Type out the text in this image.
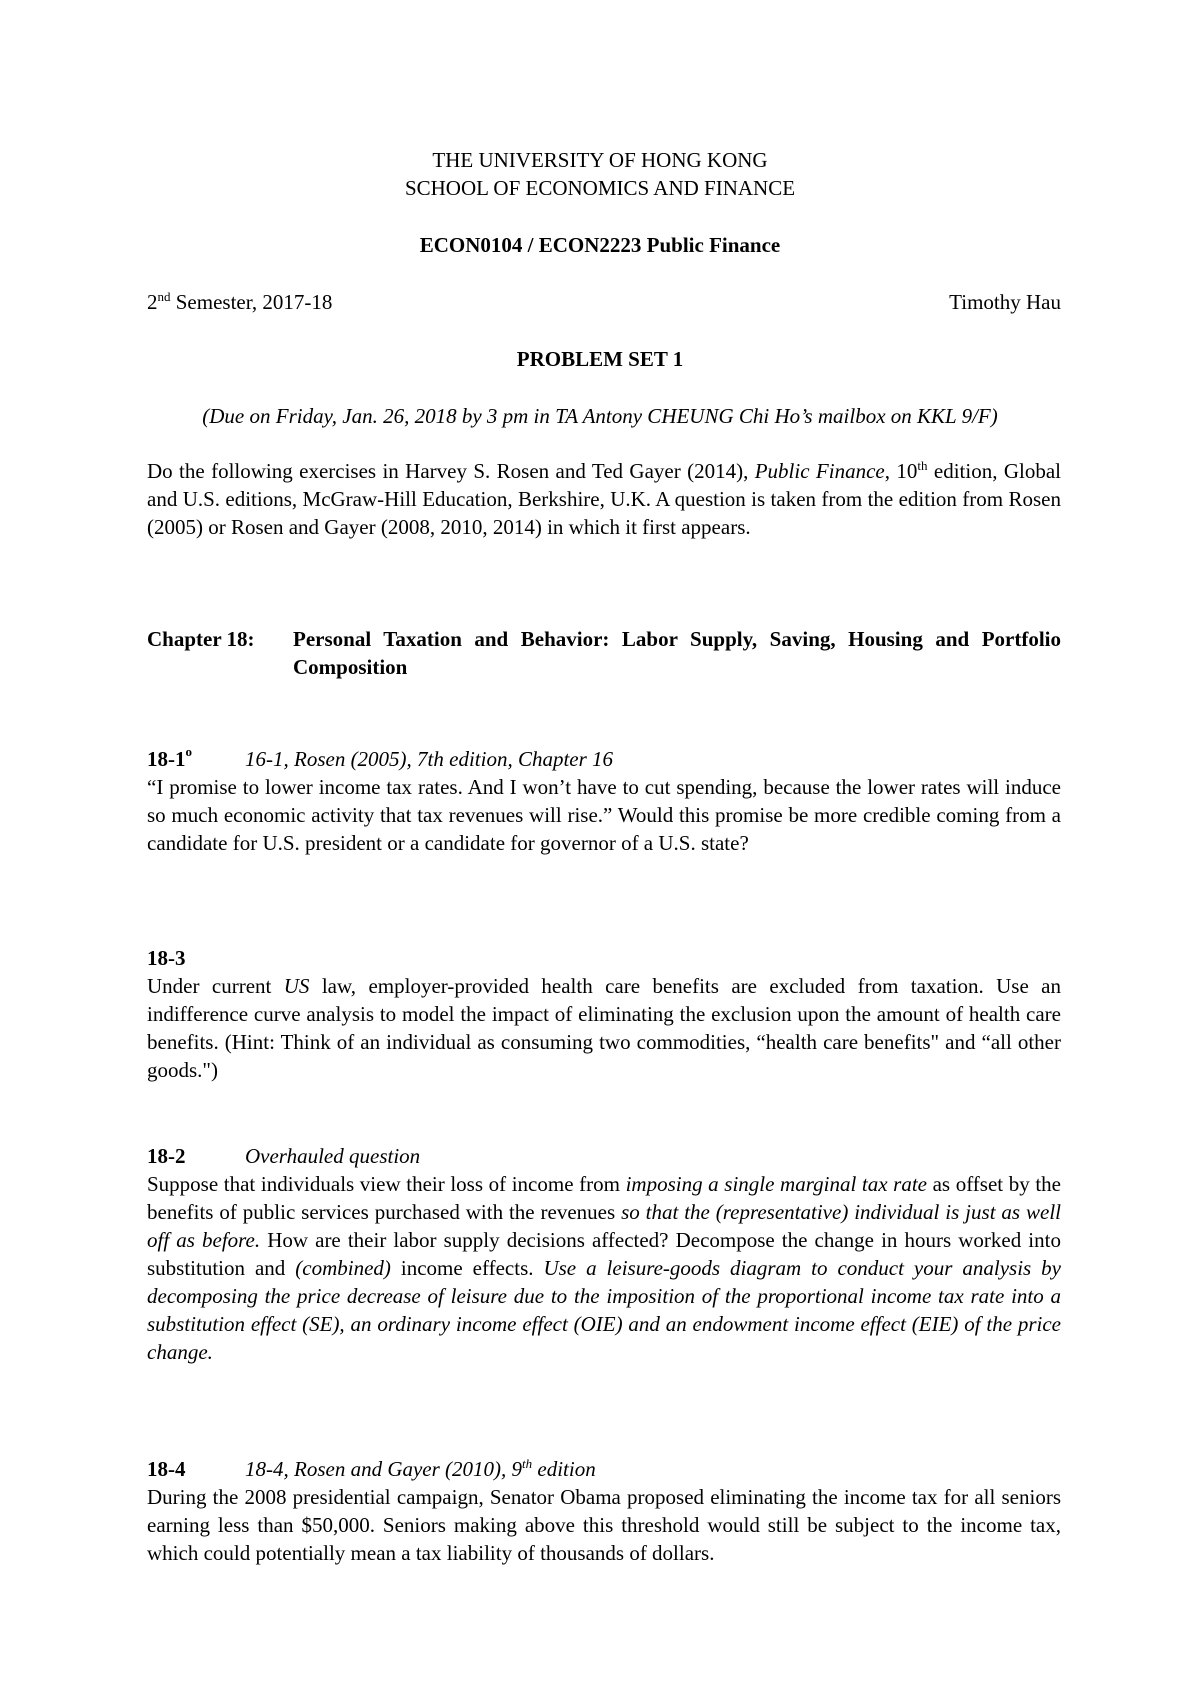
THE UNIVERSITY OF HONG KONG
SCHOOL OF ECONOMICS AND FINANCE
ECON0104 / ECON2223 Public Finance
2nd Semester, 2017-18	Timothy Hau
PROBLEM SET 1
(Due on Friday, Jan. 26, 2018 by 3 pm in TA Antony CHEUNG Chi Ho’s mailbox on KKL 9/F)
Do the following exercises in Harvey S. Rosen and Ted Gayer (2014), Public Finance, 10th edition, Global and U.S. editions, McGraw-Hill Education, Berkshire, U.K. A question is taken from the edition from Rosen (2005) or Rosen and Gayer (2008, 2010, 2014) in which it first appears.
Chapter 18: Personal Taxation and Behavior: Labor Supply, Saving, Housing and Portfolio Composition
18-1$^o$	16-1, Rosen (2005), 7th edition, Chapter 16
“I promise to lower income tax rates. And I won’t have to cut spending, because the lower rates will induce so much economic activity that tax revenues will rise.” Would this promise be more credible coming from a candidate for U.S. president or a candidate for governor of a U.S. state?
18-3
Under current US law, employer-provided health care benefits are excluded from taxation. Use an indifference curve analysis to model the impact of eliminating the exclusion upon the amount of health care benefits. (Hint: Think of an individual as consuming two commodities, “health care benefits" and “all other goods.")
18-2	Overhauled question
Suppose that individuals view their loss of income from imposing a single marginal tax rate as offset by the benefits of public services purchased with the revenues so that the (representative) individual is just as well off as before. How are their labor supply decisions affected? Decompose the change in hours worked into substitution and (combined) income effects. Use a leisure-goods diagram to conduct your analysis by decomposing the price decrease of leisure due to the imposition of the proportional income tax rate into a substitution effect (SE), an ordinary income effect (OIE) and an endowment income effect (EIE) of the price change.
18-4	18-4, Rosen and Gayer (2010), 9th edition
During the 2008 presidential campaign, Senator Obama proposed eliminating the income tax for all seniors earning less than $50,000. Seniors making above this threshold would still be subject to the income tax, which could potentially mean a tax liability of thousands of dollars.
